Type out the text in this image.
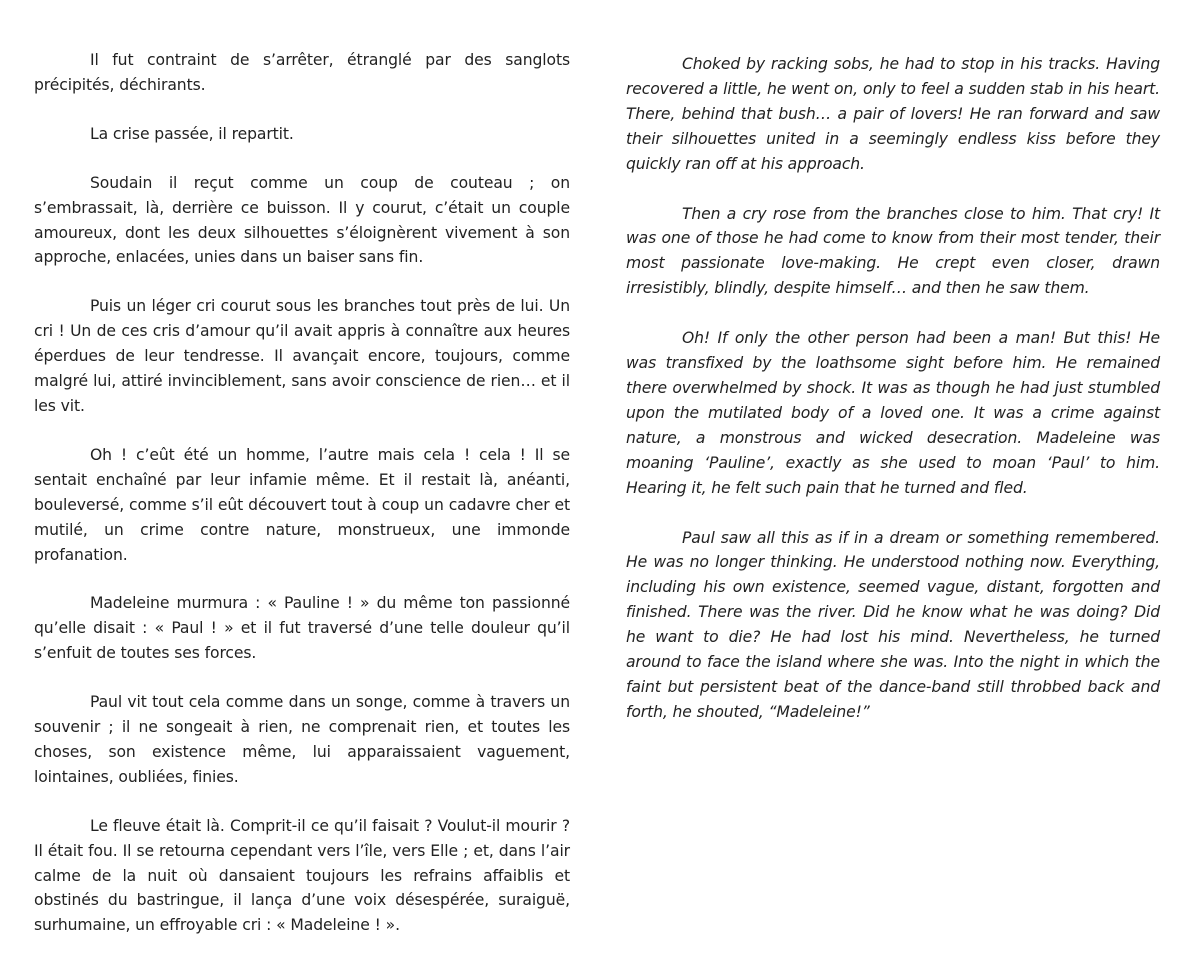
Il fut contraint de s’arrêter, étranglé par des sanglots précipités, déchirants.

La crise passée, il repartit.

Soudain il reçut comme un coup de couteau ; on s’embrassait, là, derrière ce buisson. Il y courut, c’était un couple amoureux, dont les deux silhouettes s’éloignèrent vivement à son approche, enlacées, unies dans un baiser sans fin.

Puis un léger cri courut sous les branches tout près de lui. Un cri ! Un de ces cris d’amour qu’il avait appris à connaître aux heures éperdues de leur tendresse. Il avançait encore, toujours, comme malgré lui, attiré invinciblement, sans avoir conscience de rien… et il les vit.

Oh ! c’eût été un homme, l’autre mais cela ! cela ! Il se sentait enchaîné par leur infamie même. Et il restait là, anéanti, bouleversé, comme s’il eût découvert tout à coup un cadavre cher et mutilé, un crime contre nature, monstrueux, une immonde profanation.

Madeleine murmura : « Pauline ! » du même ton passionné qu’elle disait : « Paul ! » et il fut traversé d’une telle douleur qu’il s’enfuit de toutes ses forces.

Paul vit tout cela comme dans un songe, comme à travers un souvenir ; il ne songeait à rien, ne comprenait rien, et toutes les choses, son existence même, lui apparaissaient vaguement, lointaines, oubliées, finies.

Le fleuve était là. Comprit-il ce qu’il faisait ? Voulut-il mourir ? Il était fou. Il se retourna cependant vers l’île, vers Elle ; et, dans l’air calme de la nuit où dansaient toujours les refrains affaiblis et obstinés du bastringue, il lança d’une voix désespérée, suraiguë, surhumaine, un effroyable cri : « Madeleine ! ».

Choked by racking sobs, he had to stop in his tracks. Having recovered a little, he went on, only to feel a sudden stab in his heart. There, behind that bush… a pair of lovers! He ran forward and saw their silhouettes united in a seemingly endless kiss before they quickly ran off at his approach.

Then a cry rose from the branches close to him. That cry! It was one of those he had come to know from their most tender, their most passionate love-making. He crept even closer, drawn irresistibly, blindly, despite himself… and then he saw them.

Oh! If only the other person had been a man! But this! He was transfixed by the loathsome sight before him. He remained there overwhelmed by shock. It was as though he had just stumbled upon the mutilated body of a loved one. It was a crime against nature, a monstrous and wicked desecration. Madeleine was moaning ‘Pauline’, exactly as she used to moan ‘Paul’ to him. Hearing it, he felt such pain that he turned and fled.

Paul saw all this as if in a dream or something remembered. He was no longer thinking. He understood nothing now. Everything, including his own existence, seemed vague, distant, forgotten and finished. There was the river. Did he know what he was doing? Did he want to die? He had lost his mind. Nevertheless, he turned around to face the island where she was. Into the night in which the faint but persistent beat of the dance-band still throbbed back and forth, he shouted, “Madeleine!”
